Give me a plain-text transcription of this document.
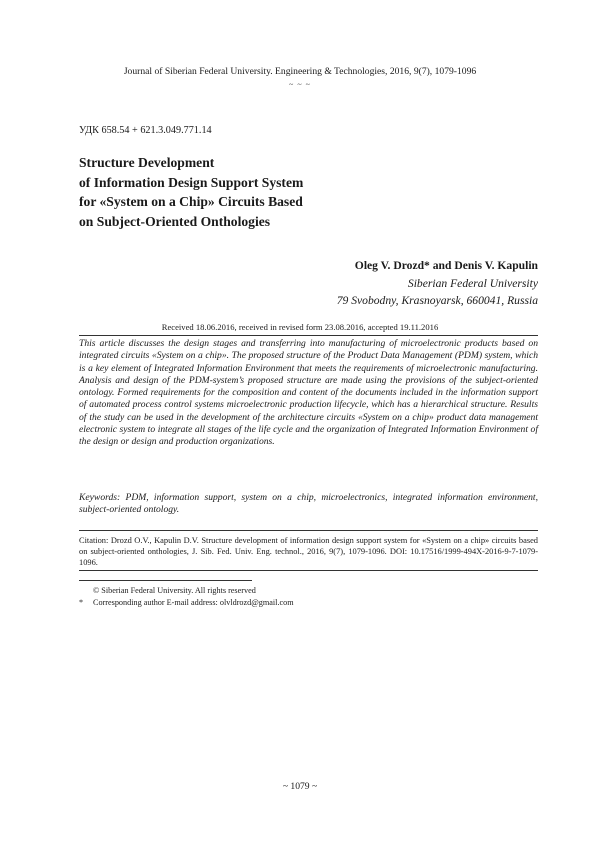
Journal of Siberian Federal University. Engineering & Technologies, 2016, 9(7), 1079-1096
~ ~ ~
УДК 658.54 + 621.3.049.771.14
Structure Development
of Information Design Support System
for «System on a Chip» Circuits Based
on Subject-Oriented Onthologies
Oleg V. Drozd* and Denis V. Kapulin
Siberian Federal University
79 Svobodny, Krasnoyarsk, 660041, Russia
Received 18.06.2016, received in revised form 23.08.2016, accepted 19.11.2016
This article discusses the design stages and transferring into manufacturing of microelectronic products based on integrated circuits «System on a chip». The proposed structure of the Product Data Management (PDM) system, which is a key element of Integrated Information Environment that meets the requirements of microelectronic manufacturing. Analysis and design of the PDM-system’s proposed structure are made using the provisions of the subject-oriented ontology. Formed requirements for the composition and content of the documents included in the information support of automated process control systems microelectronic production lifecycle, which has a hierarchical structure. Results of the study can be used in the development of the architecture circuits «System on a chip» product data management electronic system to integrate all stages of the life cycle and the organization of Integrated Information Environment of the design or design and production organizations.
Keywords: PDM, information support, system on a chip, microelectronics, integrated information environment, subject-oriented ontology.
Citation: Drozd O.V., Kapulin D.V. Structure development of information design support system for «System on a chip» circuits based on subject-oriented onthologies, J. Sib. Fed. Univ. Eng. technol., 2016, 9(7), 1079-1096. DOI: 10.17516/1999-494X-2016-9-7-1079-1096.
© Siberian Federal University. All rights reserved
*	Corresponding author E-mail address: olvldrozd@gmail.com
~ 1079 ~
